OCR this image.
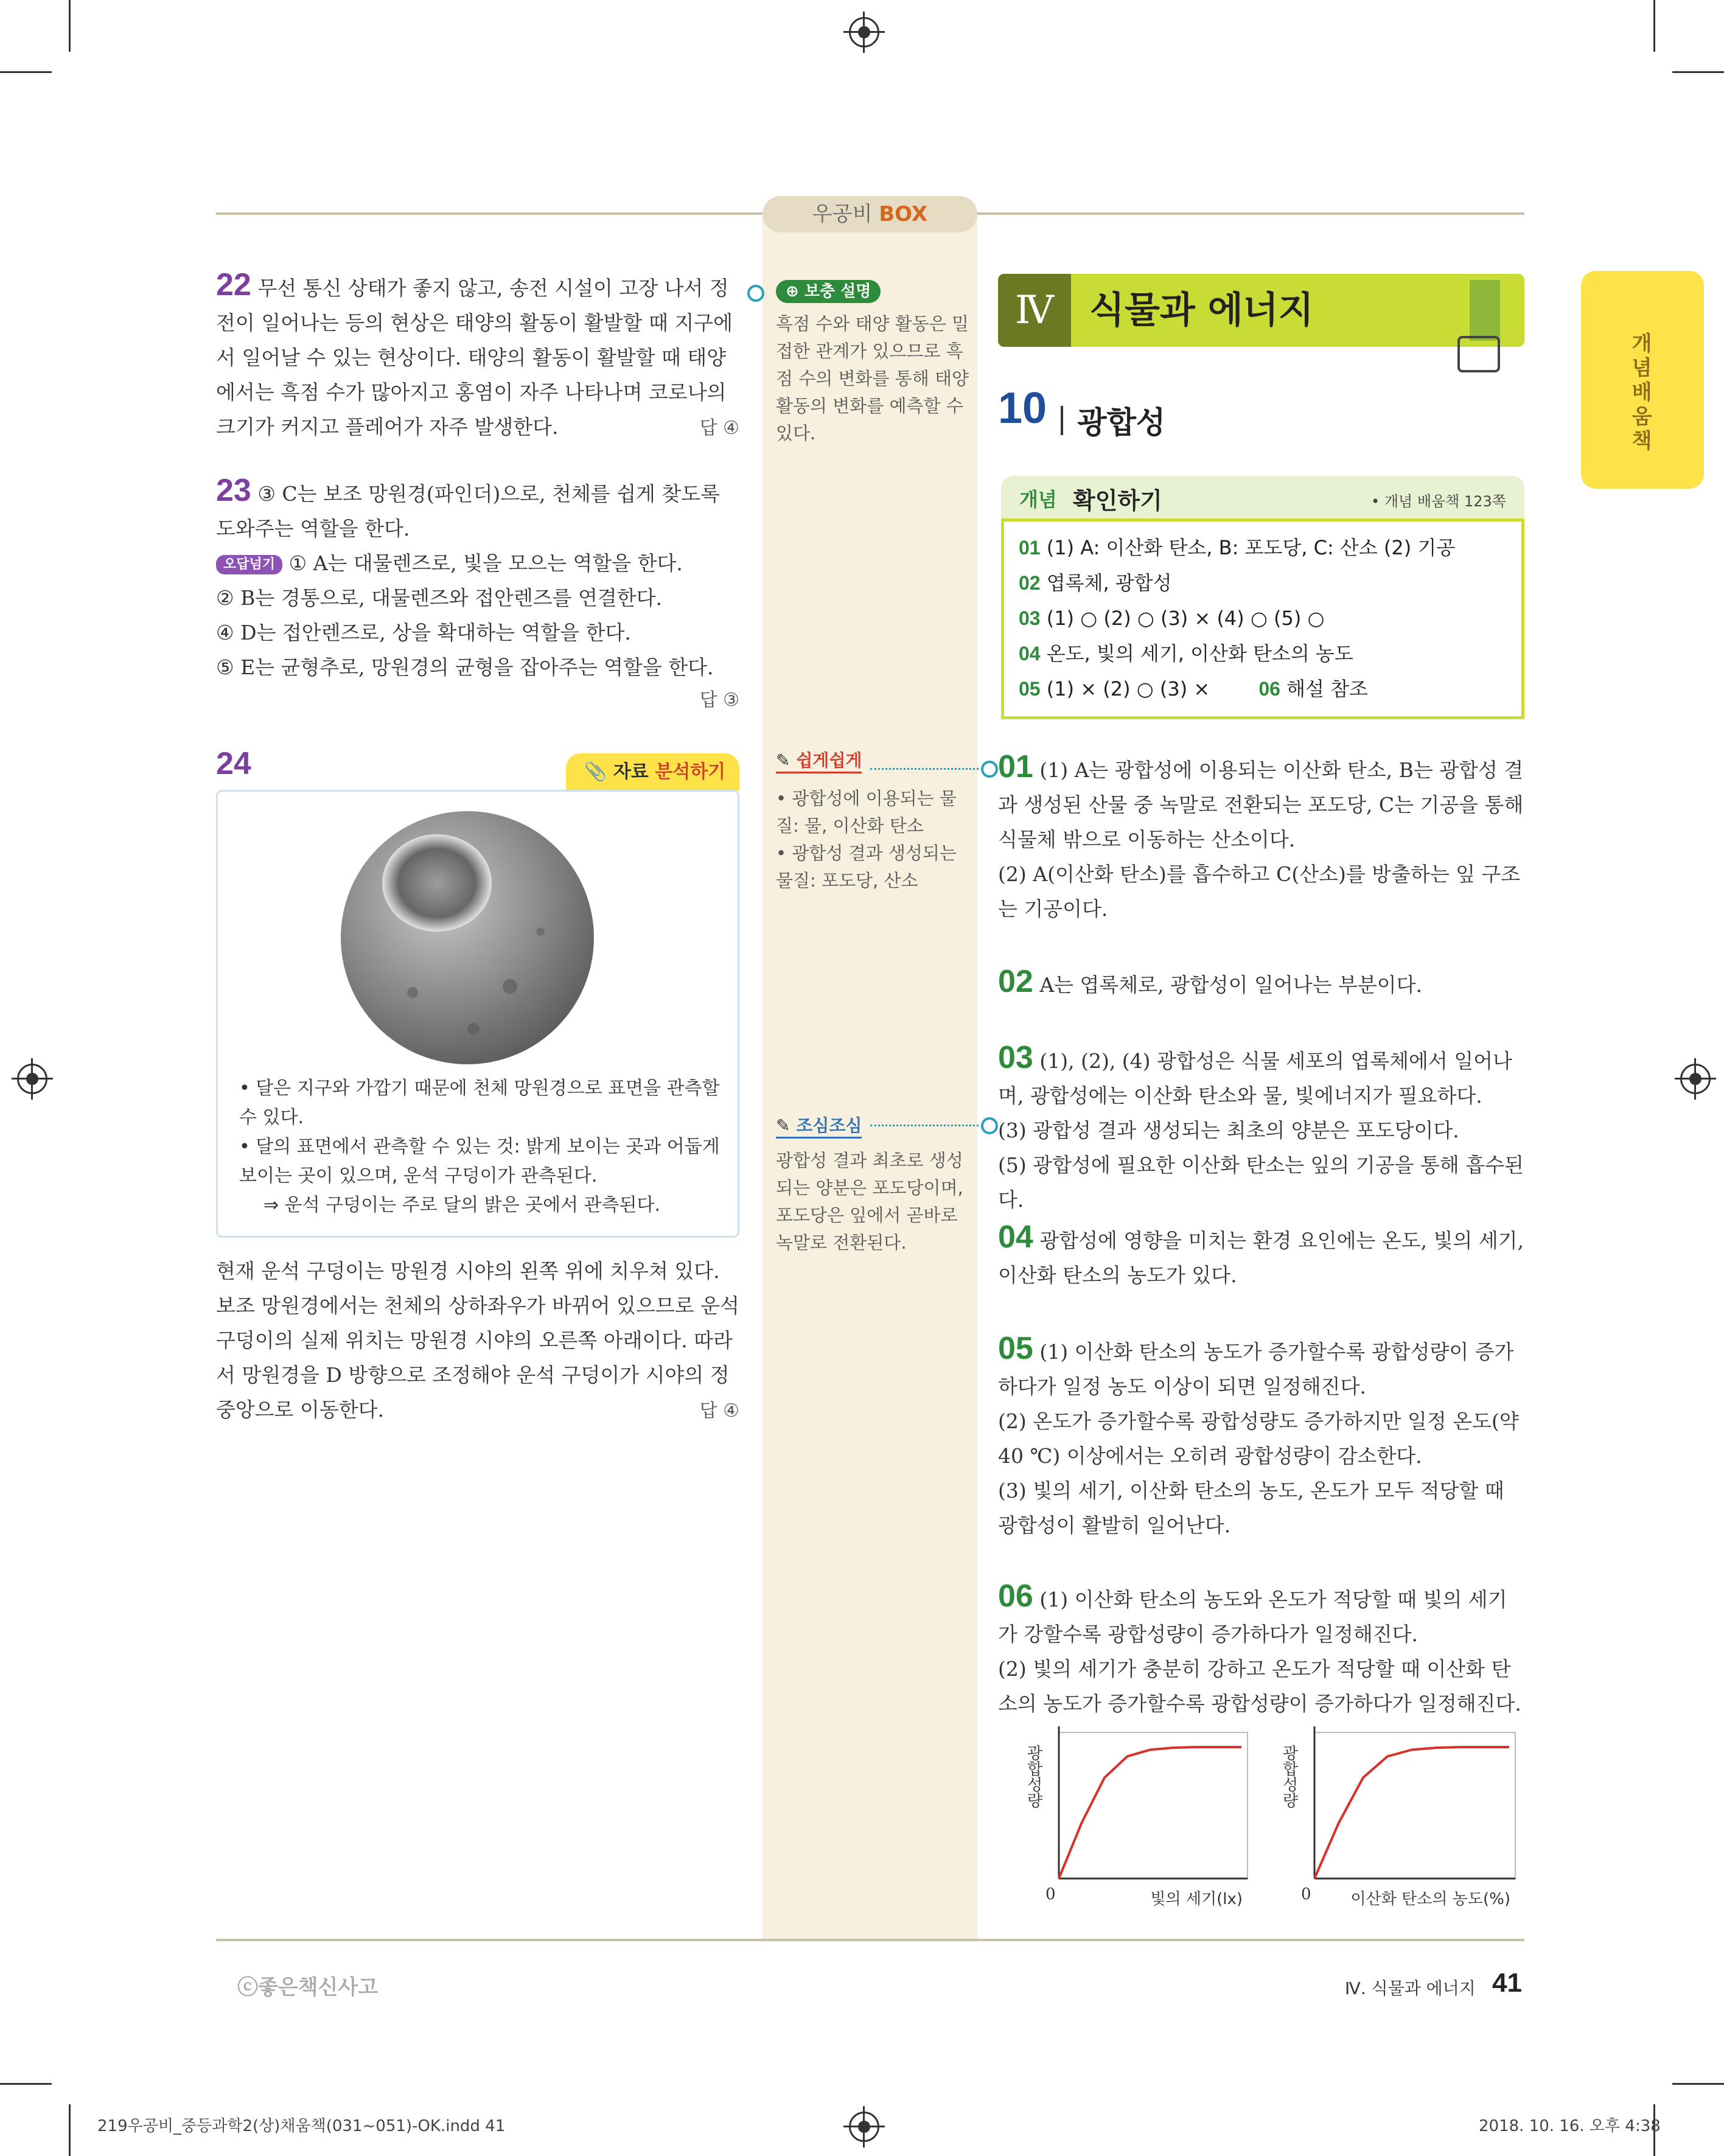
우공비 BOX
22 무선 통신 상태가 좋지 않고, 송전 시설이 고장 나서 정전이 일어나는 등의 현상은 태양의 활동이 활발할 때 지구에서 일어날 수 있는 현상이다. 태양의 활동이 활발할 때 태양에서는 흑점 수가 많아지고 홍염이 자주 나타나며 코로나의 크기가 커지고 플레어가 자주 발생한다.	답 ④
23 ③ C는 보조 망원경(파인더)으로, 천체를 쉽게 찾도록 도와주는 역할을 한다.
오답넘기 ① A는 대물렌즈로, 빛을 모으는 역할을 한다.
② B는 경통으로, 대물렌즈와 접안렌즈를 연결한다.
④ D는 접안렌즈로, 상을 확대하는 역할을 한다.
⑤ E는 균형추로, 망원경의 균형을 잡아주는 역할을 한다.
답 ③
24	📎 자료 분석하기
• 달은 지구와 가깝기 때문에 천체 망원경으로 표면을 관측할 수 있다.
• 달의 표면에서 관측할 수 있는 것: 밝게 보이는 곳과 어둡게 보이는 곳이 있으며, 운석 구덩이가 관측된다.
⇒ 운석 구덩이는 주로 달의 밝은 곳에서 관측된다.
현재 운석 구덩이는 망원경 시야의 왼쪽 위에 치우쳐 있다. 보조 망원경에서는 천체의 상하좌우가 바뀌어 있으므로 운석 구덩이의 실제 위치는 망원경 시야의 오른쪽 아래이다. 따라서 망원경을 D 방향으로 조정해야 운석 구덩이가 시야의 정 중앙으로 이동한다.	답 ④
⊕ 보충 설명
흑점 수와 태양 활동은 밀접한 관계가 있으므로 흑점 수의 변화를 통해 태양 활동의 변화를 예측할 수 있다.
✎ 쉽게쉽게
• 광합성에 이용되는 물질: 물, 이산화 탄소
• 광합성 결과 생성되는 물질: 포도당, 산소
✎ 조심조심
광합성 결과 최초로 생성되는 양분은 포도당이며, 포도당은 잎에서 곧바로 녹말로 전환된다.
Ⅳ 식물과 에너지
10 광합성
개념 배움책
개념 확인하기	• 개념 배움책 123쪽
01 (1) A: 이산화 탄소, B: 포도당, C: 산소 (2) 기공
02 엽록체, 광합성
03 (1) ○ (2) ○ (3) × (4) ○ (5) ○
04 온도, 빛의 세기, 이산화 탄소의 농도
05 (1) × (2) ○ (3) ×	06 해설 참조
01 (1) A는 광합성에 이용되는 이산화 탄소, B는 광합성 결과 생성된 산물 중 녹말로 전환되는 포도당, C는 기공을 통해 식물체 밖으로 이동하는 산소이다.
(2) A(이산화 탄소)를 흡수하고 C(산소)를 방출하는 잎 구조는 기공이다.
02 A는 엽록체로, 광합성이 일어나는 부분이다.
03 (1), (2), (4) 광합성은 식물 세포의 엽록체에서 일어나며, 광합성에는 이산화 탄소와 물, 빛에너지가 필요하다.
(3) 광합성 결과 생성되는 최초의 양분은 포도당이다.
(5) 광합성에 필요한 이산화 탄소는 잎의 기공을 통해 흡수된다.
04 광합성에 영향을 미치는 환경 요인에는 온도, 빛의 세기, 이산화 탄소의 농도가 있다.
05 (1) 이산화 탄소의 농도가 증가할수록 광합성량이 증가하다가 일정 농도 이상이 되면 일정해진다.
(2) 온도가 증가할수록 광합성량도 증가하지만 일정 온도(약 40 ℃) 이상에서는 오히려 광합성량이 감소한다.
(3) 빛의 세기, 이산화 탄소의 농도, 온도가 모두 적당할 때 광합성이 활발히 일어난다.
06 (1) 이산화 탄소의 농도와 온도가 적당할 때 빛의 세기가 강할수록 광합성량이 증가하다가 일정해진다.
(2) 빛의 세기가 충분히 강하고 온도가 적당할 때 이산화 탄소의 농도가 증가할수록 광합성량이 증가하다가 일정해진다.
광합성량
0	빛의 세기(lx)
광합성량
0	이산화 탄소의 농도(%)
ⓒ좋은책신사고	Ⅳ. 식물과 에너지 41
219우공비_중등과학2(상)채움책(031~051)-OK.indd 41	2018. 10. 16. 오후 4:38
